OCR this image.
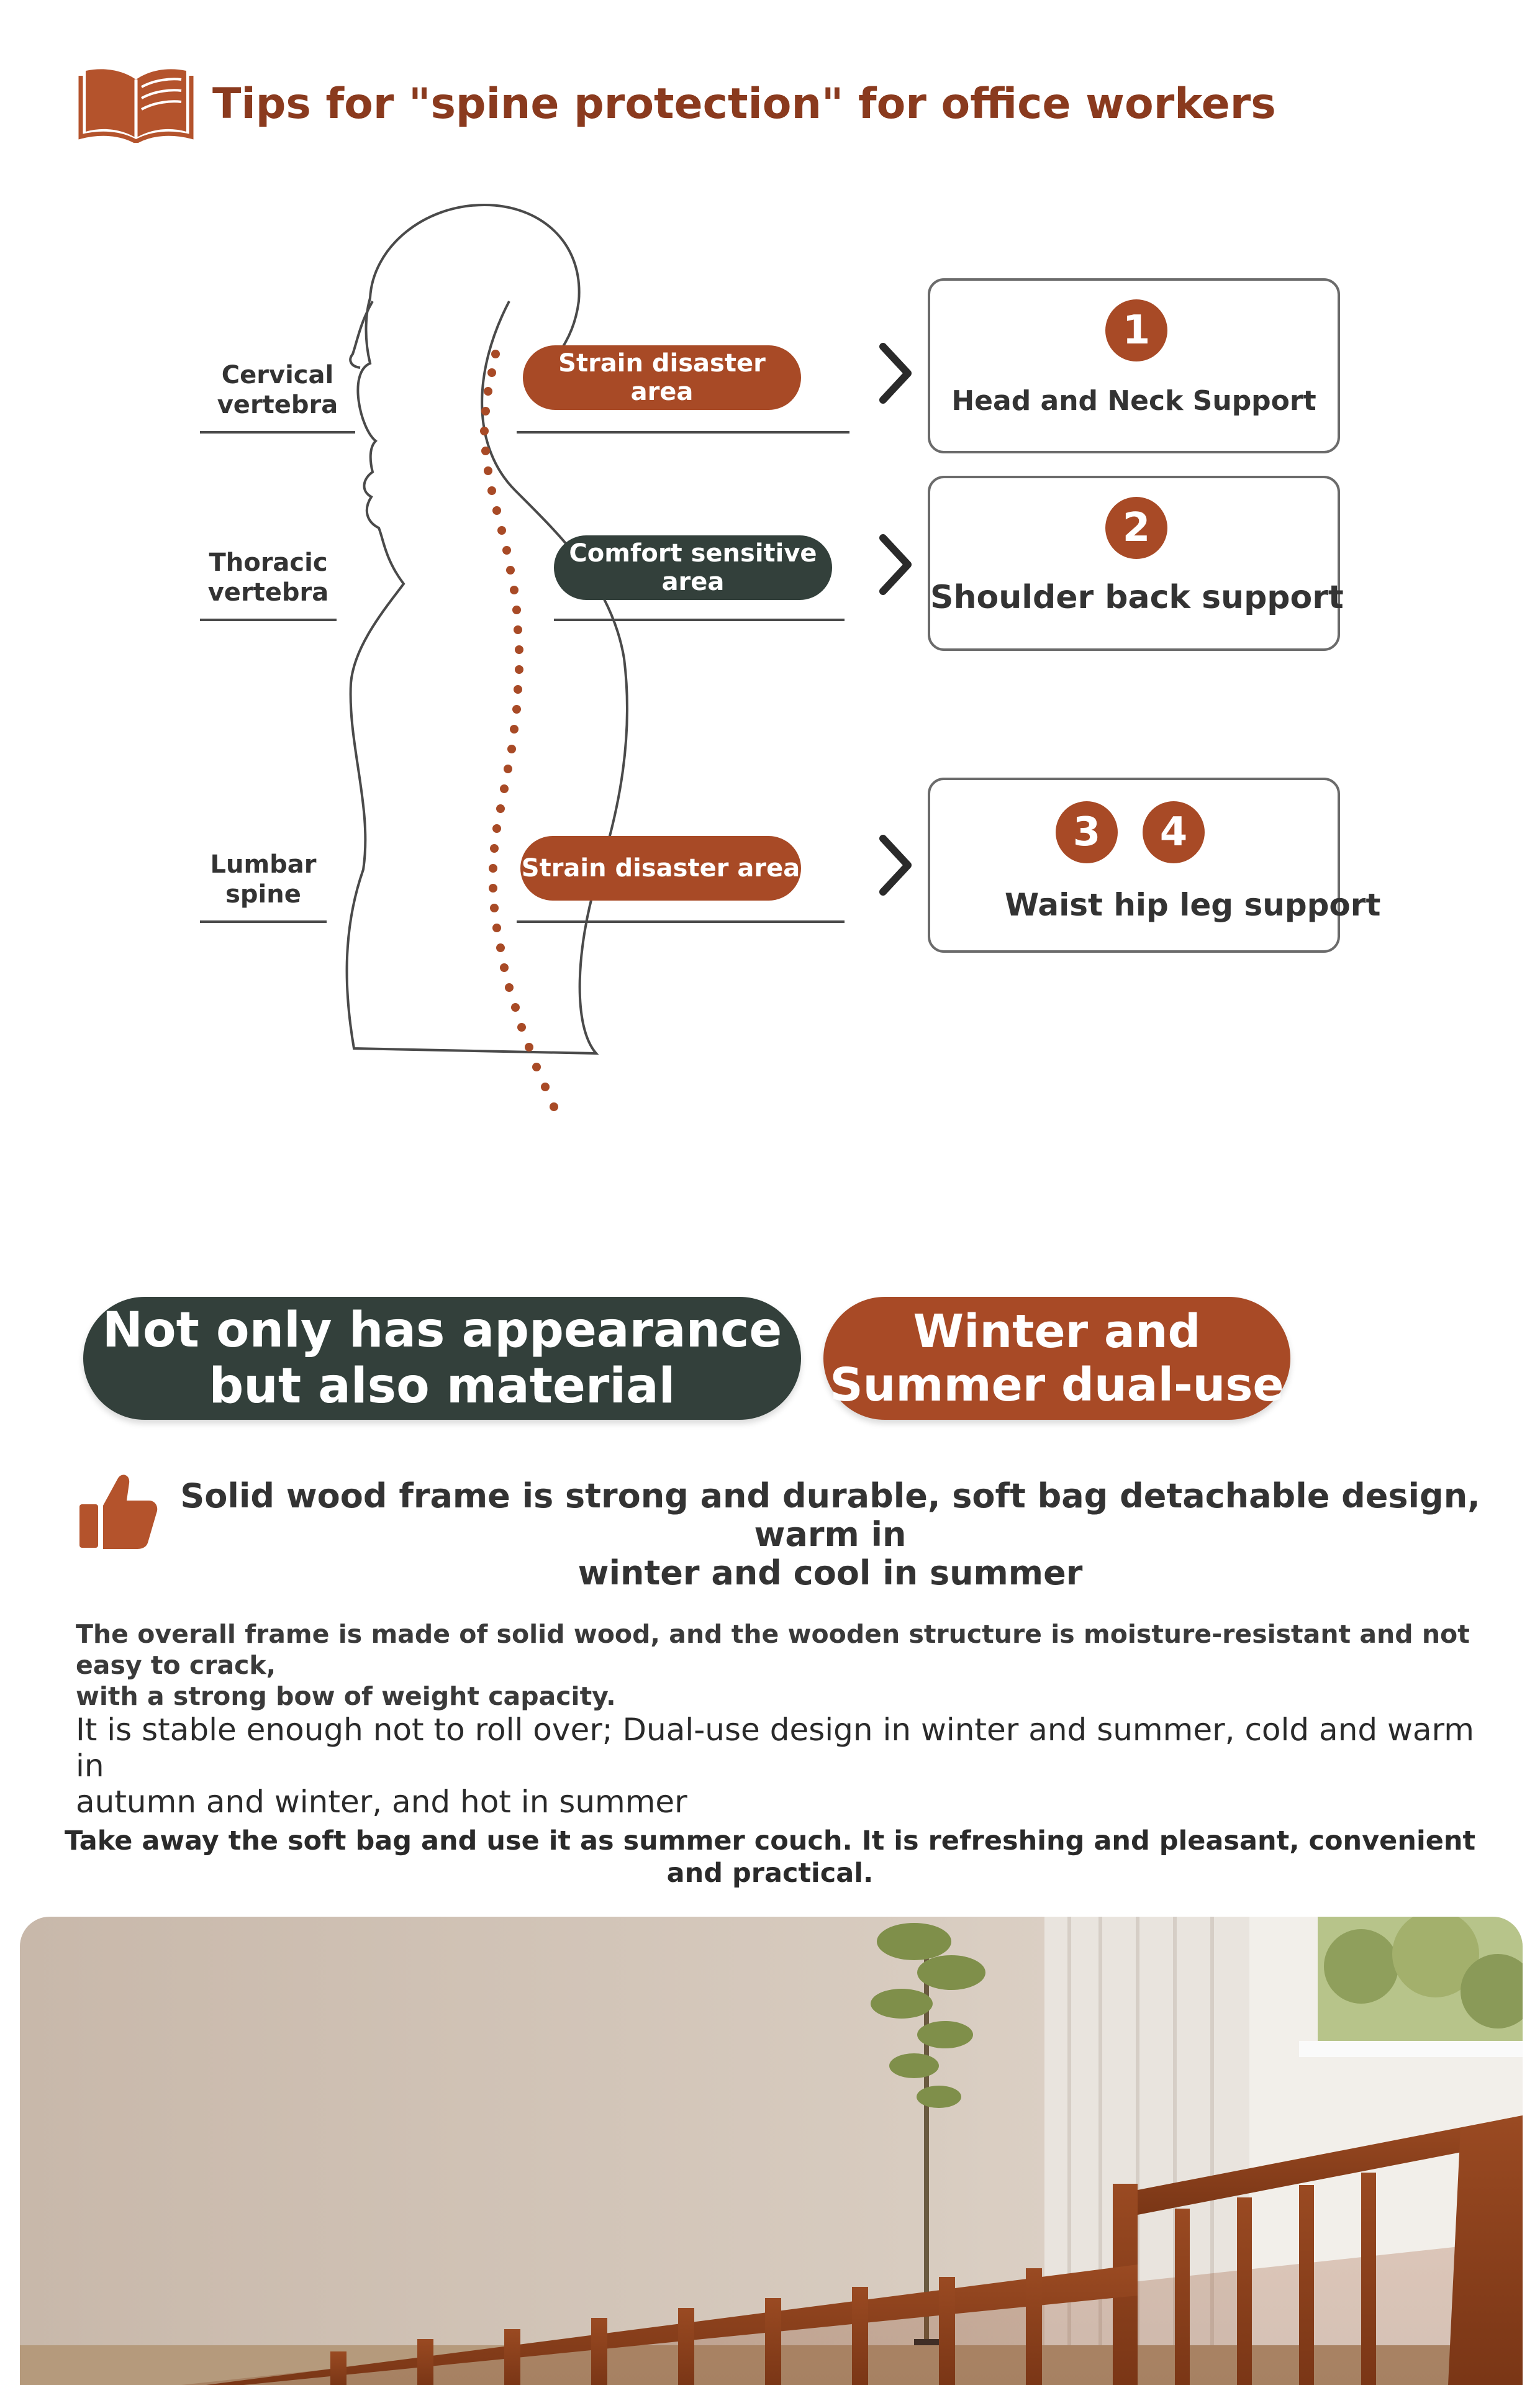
Tips for "spine protection" for office workers
Cervical
vertebra
Thoracic
vertebra
Lumbar
spine
Strain disaster area
Comfort sensitive
area
Strain disaster area
1
Head and Neck Support
2
Shoulder back support
3	4
Waist hip leg support
Not only has appearance
but also material
Winter and
Summer dual-use
Solid wood frame is strong and durable, soft bag detachable design, warm in
winter and cool in summer
The overall frame is made of solid wood, and the wooden structure is moisture-resistant and not easy to crack,
with a strong bow of weight capacity.
It is stable enough not to roll over; Dual-use design in winter and summer, cold and warm in
autumn and winter, and hot in summer
Take away the soft bag and use it as summer couch. It is refreshing and pleasant, convenient and practical.
